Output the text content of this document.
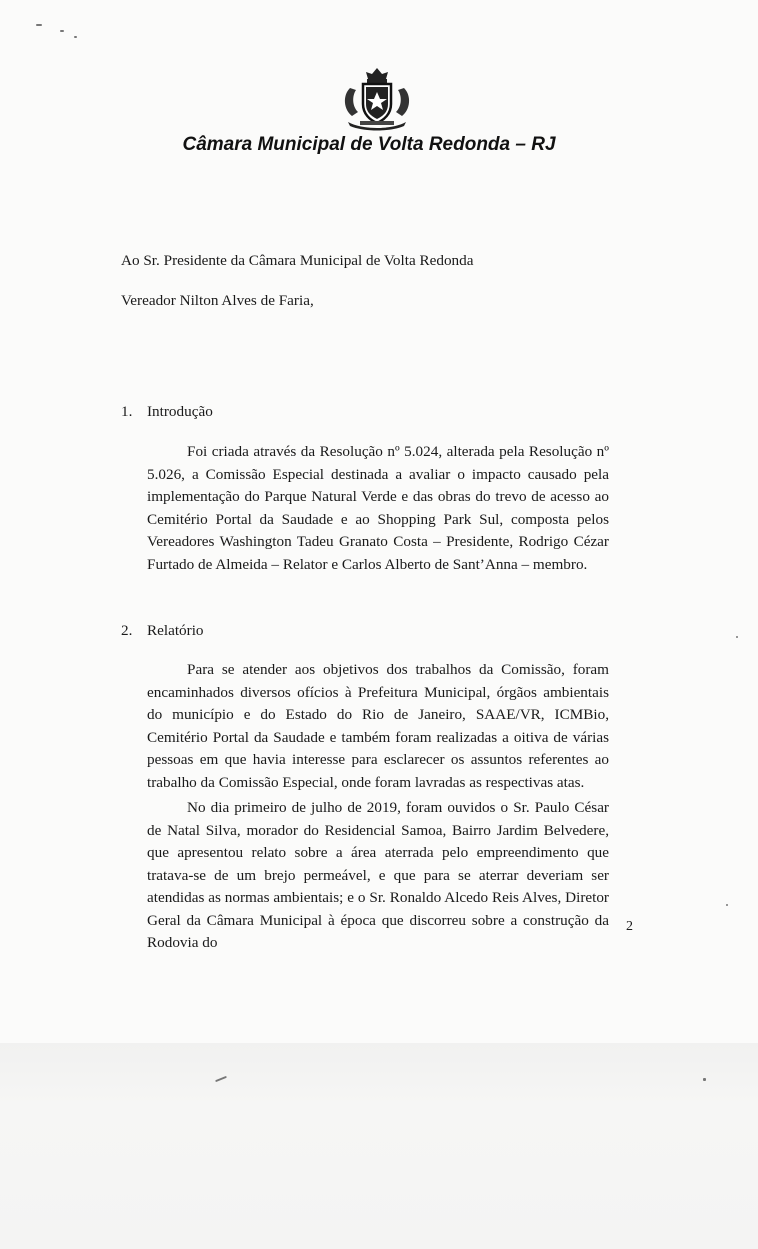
Câmara Municipal de Volta Redonda – RJ
Ao Sr. Presidente da Câmara Municipal de Volta Redonda
Vereador Nilton Alves de Faria,
1. Introdução

Foi criada através da Resolução nº 5.024, alterada pela Resolução nº 5.026, a Comissão Especial destinada a avaliar o impacto causado pela implementação do Parque Natural Verde e das obras do trevo de acesso ao Cemitério Portal da Saudade e ao Shopping Park Sul, composta pelos Vereadores Washington Tadeu Granato Costa – Presidente, Rodrigo Cézar Furtado de Almeida – Relator e Carlos Alberto de Sant’Anna – membro.

2. Relatório

Para se atender aos objetivos dos trabalhos da Comissão, foram encaminhados diversos ofícios à Prefeitura Municipal, órgãos ambientais do município e do Estado do Rio de Janeiro, SAAE/VR, ICMBio, Cemitério Portal da Saudade e também foram realizadas a oitiva de várias pessoas em que havia interesse para esclarecer os assuntos referentes ao trabalho da Comissão Especial, onde foram lavradas as respectivas atas.

No dia primeiro de julho de 2019, foram ouvidos o Sr. Paulo César de Natal Silva, morador do Residencial Samoa, Bairro Jardim Belvedere, que apresentou relato sobre a área aterrada pelo empreendimento que tratava-se de um brejo permeável, e que para se aterrar deveriam ser atendidas as normas ambientais; e o Sr. Ronaldo Alcedo Reis Alves, Diretor Geral da Câmara Municipal à época que discorreu sobre a construção da Rodovia do

2
